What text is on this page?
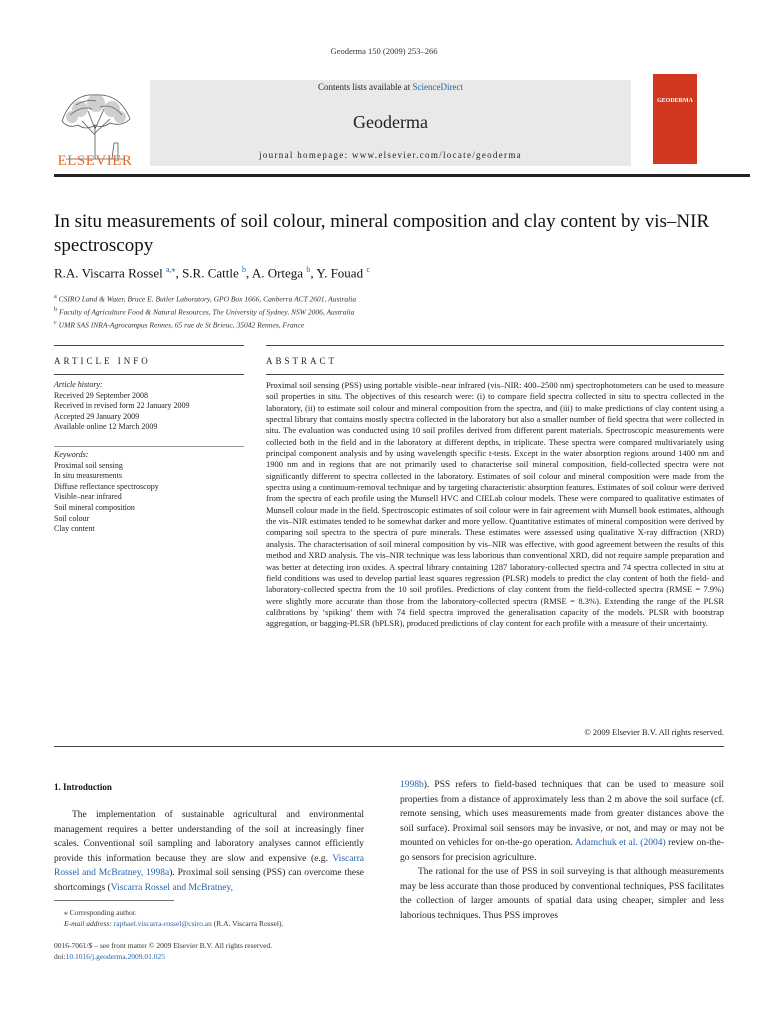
Geoderma 150 (2009) 253–266
ELSEVIER
Contents lists available at ScienceDirect
Geoderma
journal homepage: www.elsevier.com/locate/geoderma
GEODERMA
In situ measurements of soil colour, mineral composition and clay content by vis–NIR spectroscopy
R.A. Viscarra Rossel $^{a,⁎}$, S.R. Cattle $^b$, A. Ortega $^b$, Y. Fouad $^c$
$^a$ CSIRO Land & Water, Bruce E. Butler Laboratory, GPO Box 1666, Canberra ACT 2601, Australia
$^b$ Faculty of Agriculture Food & Natural Resources, The University of Sydney, NSW 2006, Australia
$^c$ UMR SAS INRA-Agrocampus Rennes, 65 rue de St Brieuc, 35042 Rennes, France
ARTICLE INFO
Article history:
Received 29 September 2008
Received in revised form 22 January 2009
Accepted 29 January 2009
Available online 12 March 2009
Keywords:
Proximal soil sensing
In situ measurements
Diffuse reflectance spectroscopy
Visible–near infrared
Soil mineral composition
Soil colour
Clay content
ABSTRACT
Proximal soil sensing (PSS) using portable visible–near infrared (vis–NIR: 400–2500 nm) spectrophotometers can be used to measure soil properties in situ. The objectives of this research were: (i) to compare field spectra collected in situ to spectra collected in the laboratory, (ii) to estimate soil colour and mineral composition from the spectra, and (iii) to make predictions of clay content using a spectral library that contains mostly spectra collected in the laboratory but also a smaller number of field spectra that were collected in situ. The evaluation was conducted using 10 soil profiles derived from different parent materials. Spectroscopic measurements were collected both in the field and in the laboratory at different depths, in triplicate. These spectra were compared multivariately using principal component analysis and by using wavelength specific t-tests. Except in the water absorption regions around 1400 nm and 1900 nm and in regions that are not primarily used to characterise soil mineral composition, field-collected spectra were not significantly different to spectra collected in the laboratory. Estimates of soil colour and mineral composition were made from the spectra using a continuum-removal technique and by targeting characteristic absorption features. Estimates of soil colour were derived from the spectra of each profile using the Munsell HVC and CIELab colour models. These were compared to qualitative estimates of Munsell colour made in the field. Spectroscopic estimates of soil colour were in fair agreement with Munsell book estimates, although the vis–NIR estimates tended to be somewhat darker and more yellow. Quantitative estimates of mineral composition were derived by comparing soil spectra to the spectra of pure minerals. These estimates were assessed using qualitative X-ray diffraction (XRD) analysis. The characterisation of soil mineral composition by vis–NIR was effective, with good agreement between the results of this method and XRD analysis. The vis–NIR technique was less laborious than conventional XRD, did not require sample preparation and was better at detecting iron oxides. A spectral library containing 1287 laboratory-collected spectra and 74 spectra collected in situ at field conditions was used to develop partial least squares regression (PLSR) models to predict the clay content of both the field- and laboratory-collected spectra from the 10 soil profiles. Predictions of clay content from the field-collected spectra (RMSE = 7.9%) were slightly more accurate than those from the laboratory-collected spectra (RMSE = 8.3%). Extending the range of the PLSR calibrations by ‘spiking’ them with 74 field spectra improved the generalisation capacity of the models. PLSR with bootstrap aggregation, or bagging-PLSR (bPLSR), produced predictions of clay content for each profile with a measure of their uncertainty.
© 2009 Elsevier B.V. All rights reserved.
1. Introduction
The implementation of sustainable agricultural and environmental management requires a better understanding of the soil at increasingly finer scales. Conventional soil sampling and laboratory analyses cannot efficiently provide this information because they are slow and expensive (e.g. Viscarra Rossel and McBratney, 1998a). Proximal soil sensing (PSS) can overcome these shortcomings (Viscarra Rossel and McBratney,

1998b). PSS refers to field-based techniques that can be used to measure soil properties from a distance of approximately less than 2 m above the soil surface (cf. remote sensing, which uses measurements made from greater distances above the soil surface). Proximal soil sensors may be invasive, or not, and may or may not be mounted on vehicles for on-the-go operation. Adamchuk et al. (2004) review on-the-go sensors for precision agriculture.

The rational for the use of PSS in soil surveying is that although measurements may be less accurate than those produced by conventional techniques, PSS facilitates the collection of larger amounts of spatial data using cheaper, simpler and less laborious techniques. Thus PSS improves

⁎ Corresponding author.
E-mail address: raphael.viscarra-rossel@csiro.au (R.A. Viscarra Rossel).
0016-7061/$ – see front matter © 2009 Elsevier B.V. All rights reserved.
doi:10.1016/j.geoderma.2009.01.025
